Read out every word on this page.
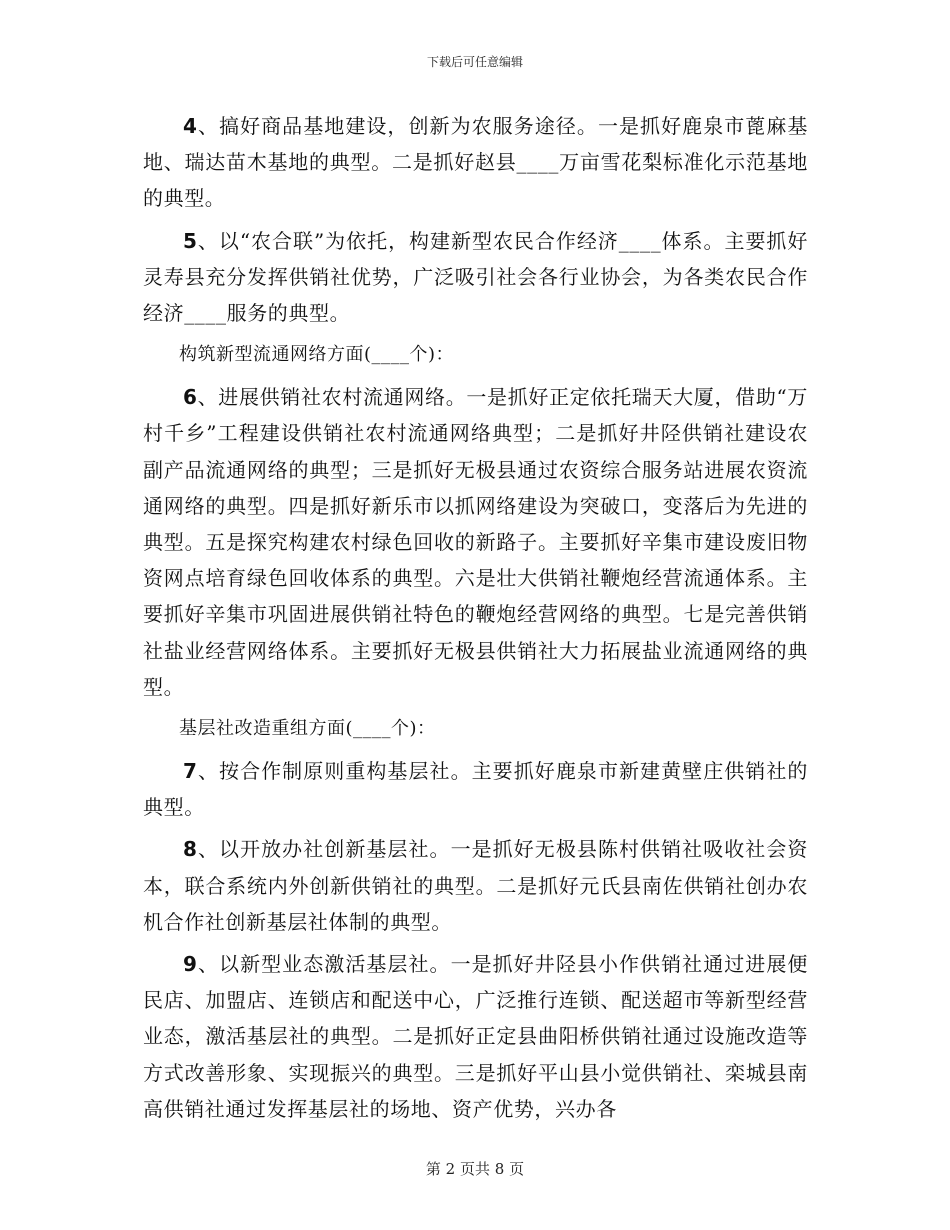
下载后可任意编辑

4、搞好商品基地建设，创新为农服务途径。一是抓好鹿泉市蓖麻基地、瑞达苗木基地的典型。二是抓好赵县____万亩雪花梨标准化示范基地的典型。

5、以“农合联”为依托，构建新型农民合作经济____体系。主要抓好灵寿县充分发挥供销社优势，广泛吸引社会各行业协会，为各类农民合作经济____服务的典型。

构筑新型流通网络方面(____个)：

6、进展供销社农村流通网络。一是抓好正定依托瑞天大厦，借助“万村千乡”工程建设供销社农村流通网络典型；二是抓好井陉供销社建设农副产品流通网络的典型；三是抓好无极县通过农资综合服务站进展农资流通网络的典型。四是抓好新乐市以抓网络建设为突破口，变落后为先进的典型。五是探究构建农村绿色回收的新路子。主要抓好辛集市建设废旧物资网点培育绿色回收体系的典型。六是壮大供销社鞭炮经营流通体系。主要抓好辛集市巩固进展供销社特色的鞭炮经营网络的典型。七是完善供销社盐业经营网络体系。主要抓好无极县供销社大力拓展盐业流通网络的典型。

基层社改造重组方面(____个)：

7、按合作制原则重构基层社。主要抓好鹿泉市新建黄壁庄供销社的典型。

8、以开放办社创新基层社。一是抓好无极县陈村供销社吸收社会资本，联合系统内外创新供销社的典型。二是抓好元氏县南佐供销社创办农机合作社创新基层社体制的典型。

9、以新型业态激活基层社。一是抓好井陉县小作供销社通过进展便民店、加盟店、连锁店和配送中心，广泛推行连锁、配送超市等新型经营业态，激活基层社的典型。二是抓好正定县曲阳桥供销社通过设施改造等方式改善形象、实现振兴的典型。三是抓好平山县小觉供销社、栾城县南高供销社通过发挥基层社的场地、资产优势，兴办各

第 2 页共 8 页
